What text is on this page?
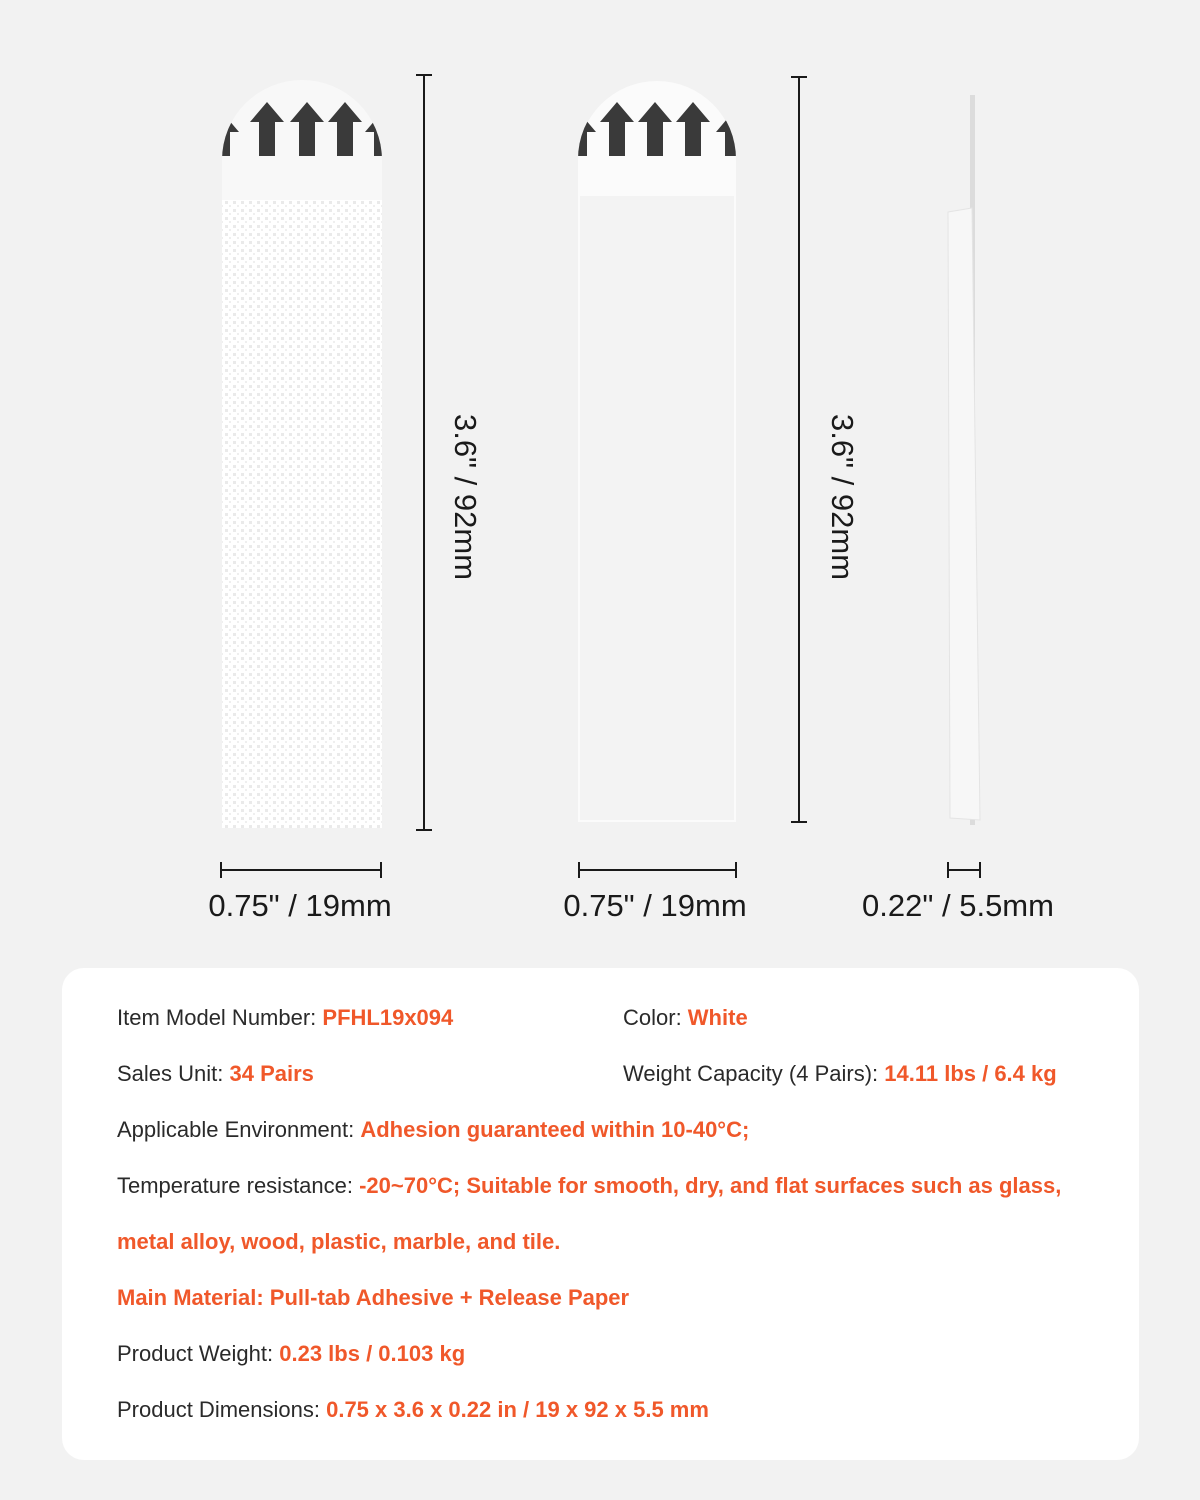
3.6" / 92mm	3.6" / 92mm
0.75" / 19mm	0.75" / 19mm	0.22" / 5.5mm
Item Model Number: PFHL19x094	Color: White
Sales Unit: 34 Pairs	Weight Capacity (4 Pairs): 14.11 lbs / 6.4 kg
Applicable Environment: Adhesion guaranteed within 10-40°C;
Temperature resistance: -20~70°C; Suitable for smooth, dry, and flat surfaces such as glass,
metal alloy, wood, plastic, marble, and tile.
Main Material: Pull-tab Adhesive + Release Paper
Product Weight: 0.23 lbs / 0.103 kg
Product Dimensions: 0.75 x 3.6 x 0.22 in / 19 x 92 x 5.5 mm
